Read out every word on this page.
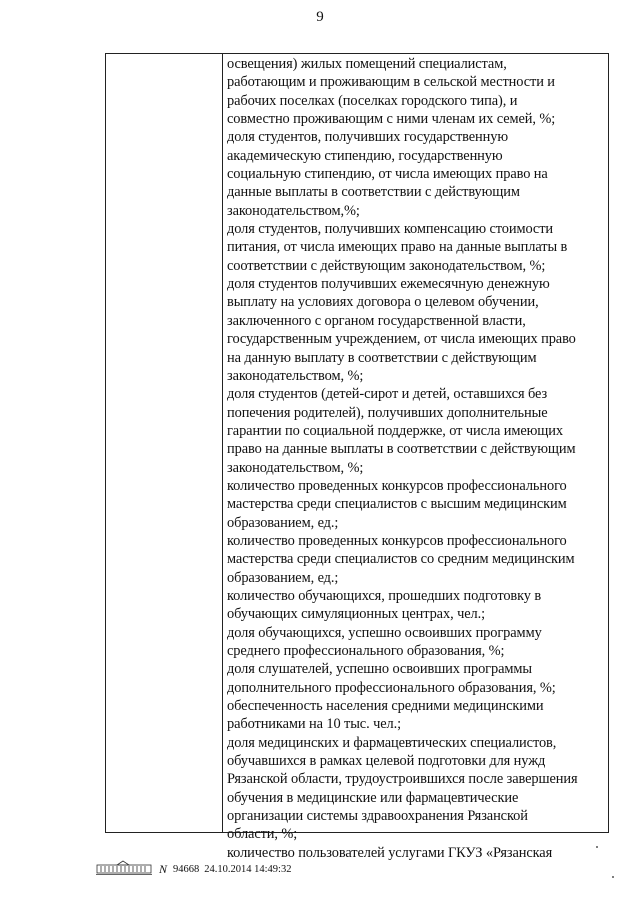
9
освещения) жилых помещений специалистам,
работающим и проживающим в сельской местности и
рабочих поселках (поселках городского типа), и
совместно проживающим с ними членам их семей, %;
доля студентов, получивших государственную
академическую стипендию, государственную
социальную стипендию, от числа имеющих право на
данные выплаты в соответствии с действующим
законодательством,%;
доля студентов, получивших компенсацию стоимости
питания, от числа имеющих право на данные выплаты в
соответствии с действующим законодательством, %;
доля студентов получивших ежемесячную денежную
выплату на условиях договора о целевом обучении,
заключенного с органом государственной власти,
государственным учреждением, от числа имеющих право
на данную выплату в соответствии с действующим
законодательством, %;
доля студентов (детей-сирот и детей, оставшихся без
попечения родителей), получивших дополнительные
гарантии по социальной поддержке, от числа имеющих
право на данные выплаты в соответствии с действующим
законодательством, %;
количество проведенных конкурсов профессионального
мастерства среди специалистов с высшим медицинским
образованием, ед.;
количество проведенных конкурсов профессионального
мастерства среди специалистов со средним медицинским
образованием, ед.;
количество обучающихся, прошедших подготовку в
обучающих симуляционных центрах, чел.;
доля обучающихся, успешно освоивших программу
среднего профессионального образования, %;
доля слушателей, успешно освоивших программы
дополнительного профессионального образования, %;
обеспеченность населения средними медицинскими
работниками на 10 тыс. чел.;
доля медицинских и фармацевтических специалистов,
обучавшихся в рамках целевой подготовки для нужд
Рязанской области, трудоустроившихся после завершения
обучения в медицинские или фармацевтические
организации системы здравоохранения Рязанской
области, %;
количество пользователей услугами ГКУЗ «Рязанская
N 94668 24.10.2014 14:49:32
